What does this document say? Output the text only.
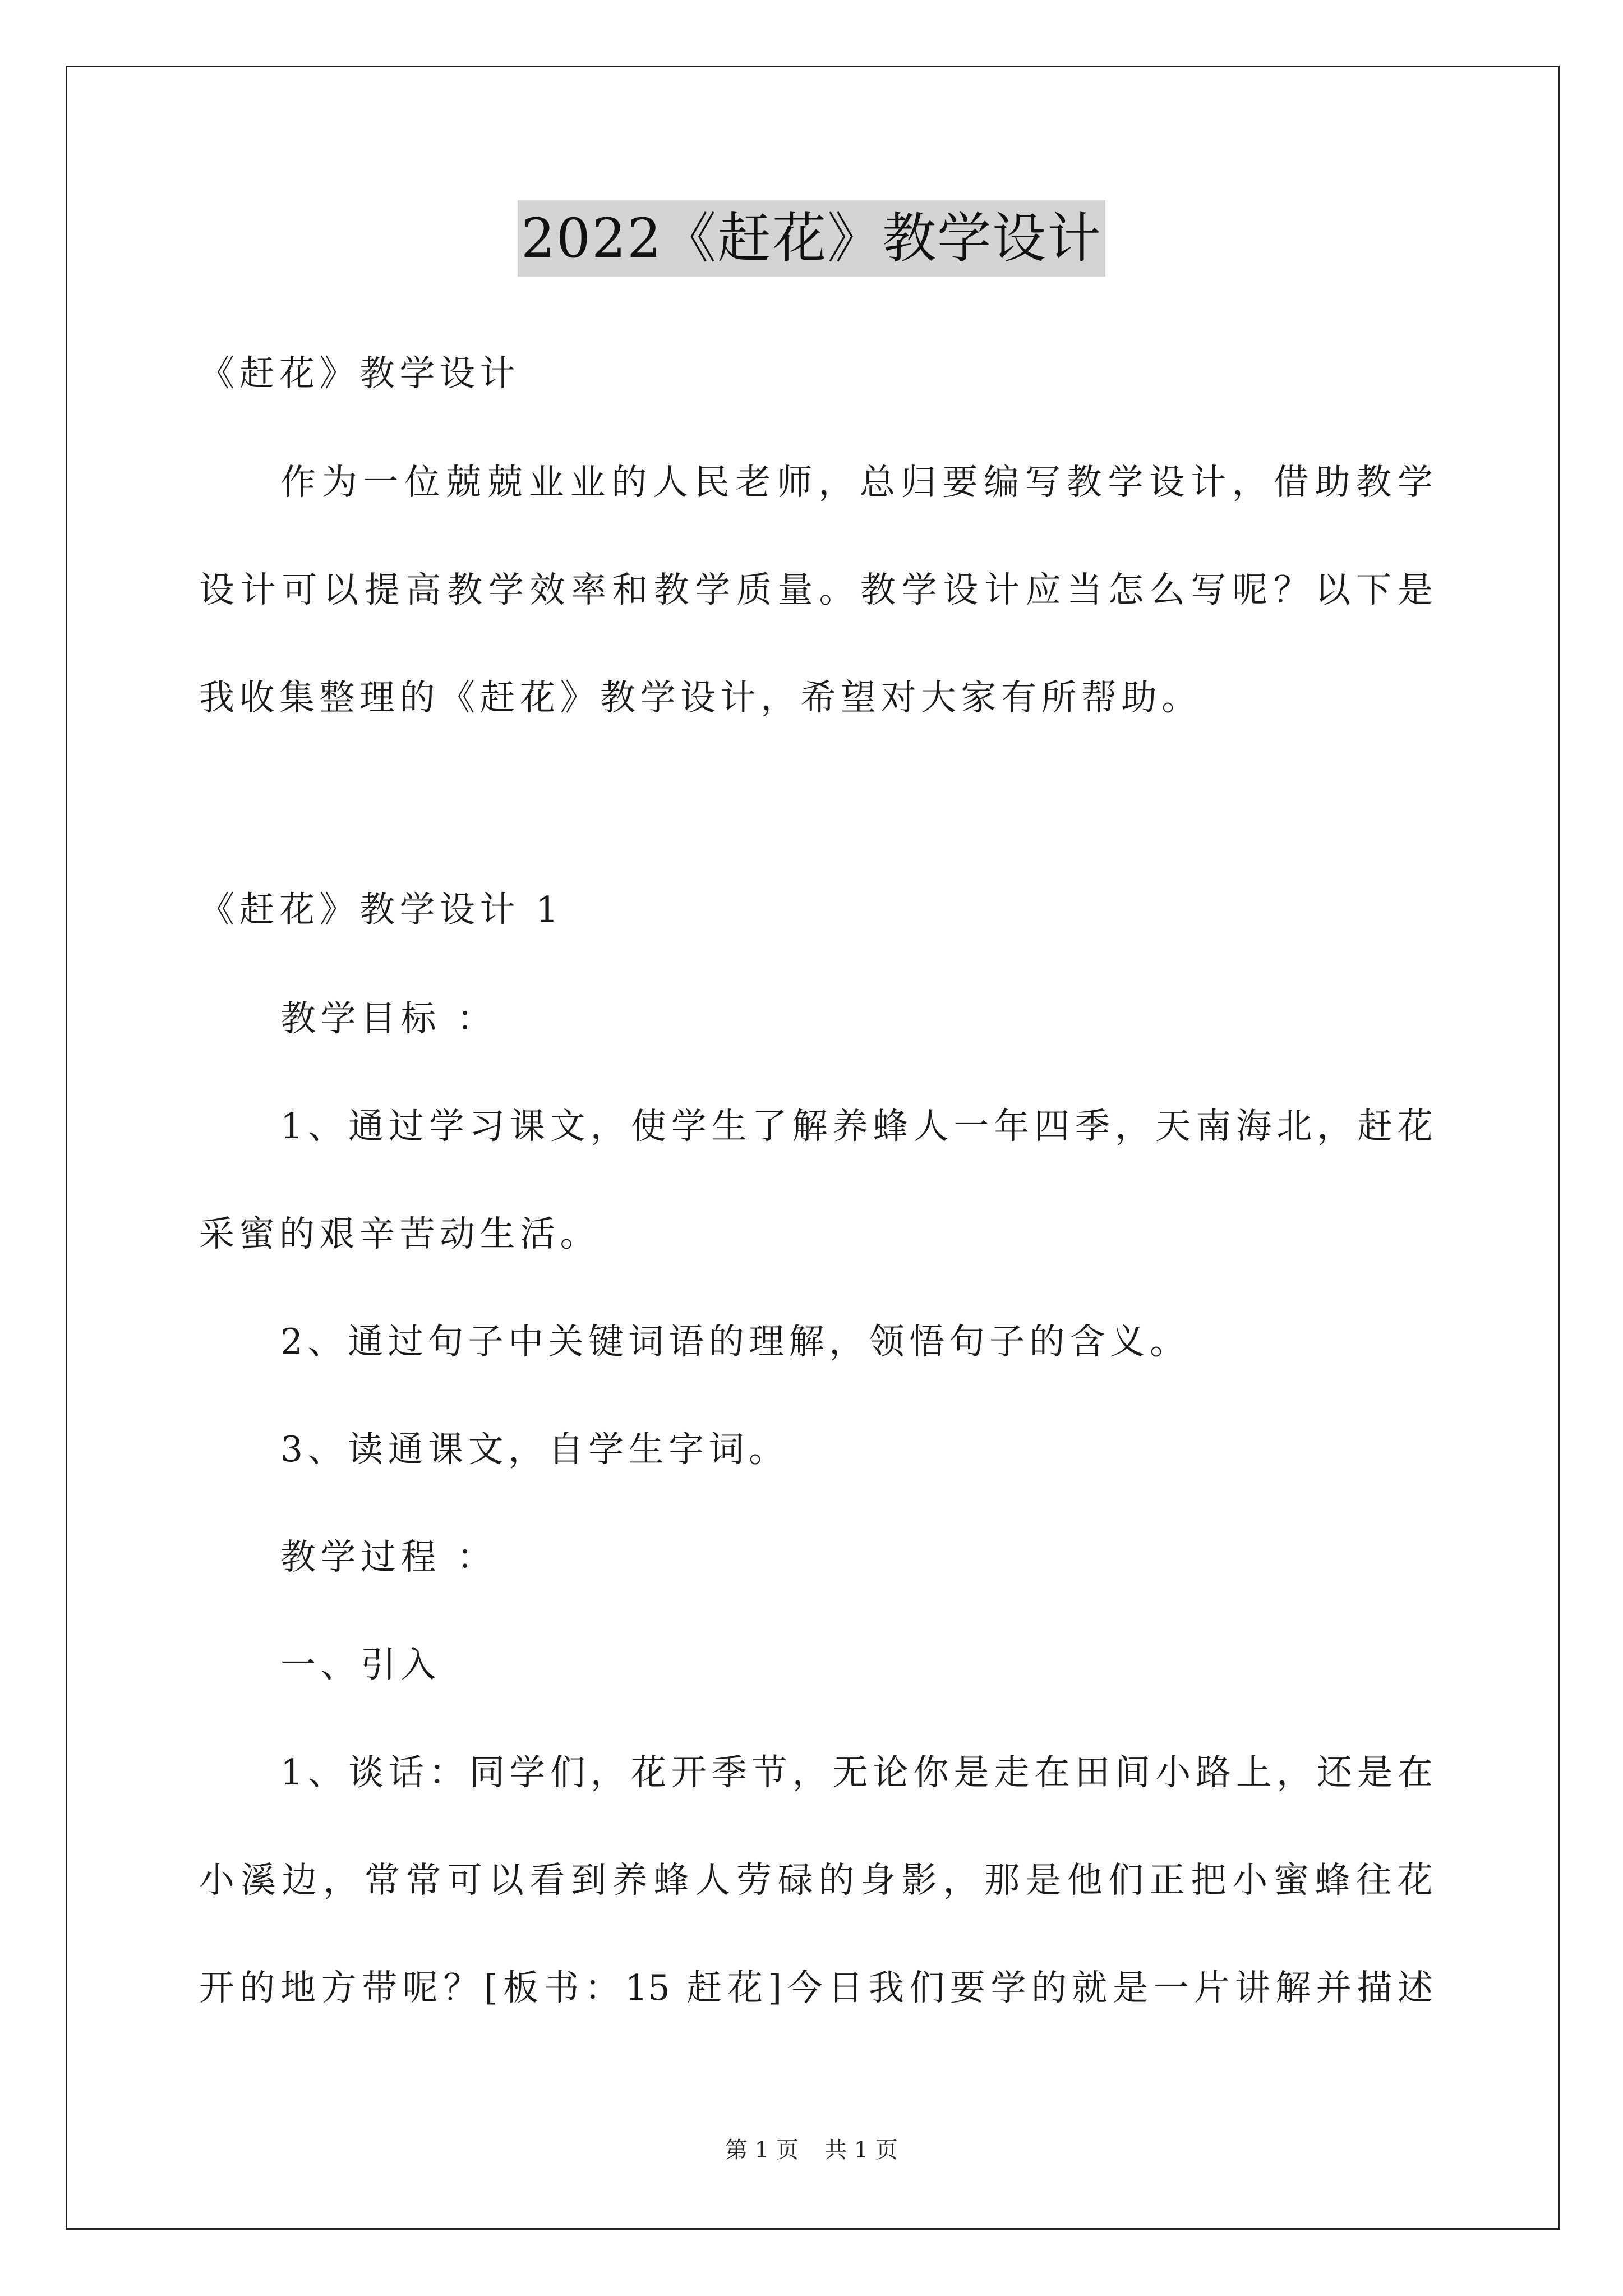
2022《赶花》教学设计
《赶花》教学设计
作为一位兢兢业业的人民老师，总归要编写教学设计，借助教学
设计可以提高教学效率和教学质量。教学设计应当怎么写呢？以下是
我收集整理的《赶花》教学设计，希望对大家有所帮助。
《赶花》教学设计 1
教学目标 ：
1、通过学习课文，使学生了解养蜂人一年四季，天南海北，赶花
采蜜的艰辛苦动生活。
2、通过句子中关键词语的理解，领悟句子的含义。
3、读通课文，自学生字词。
教学过程 ：
一、引入
1、谈话：同学们，花开季节，无论你是走在田间小路上，还是在
小溪边，常常可以看到养蜂人劳碌的身影，那是他们正把小蜜蜂往花
开的地方带呢？[板书：15 赶花]今日我们要学的就是一片讲解并描述
第 1 页 共 1 页
